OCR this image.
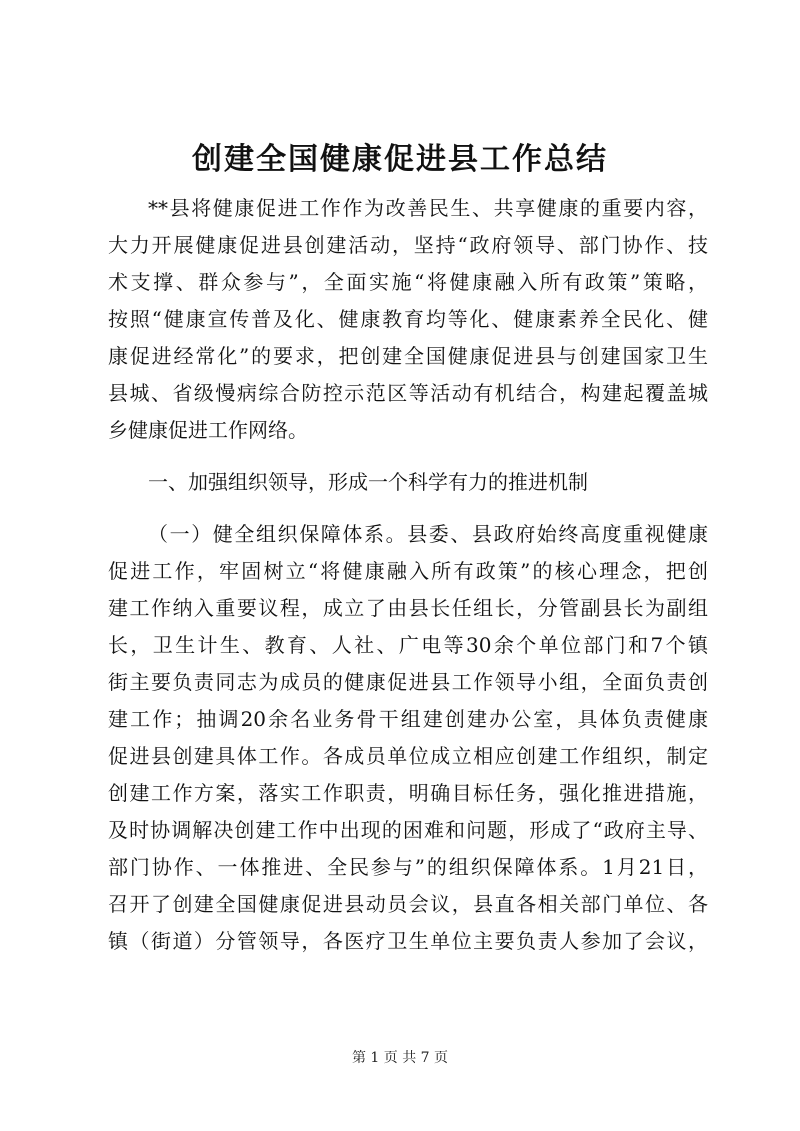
创建全国健康促进县工作总结
**县将健康促进工作作为改善民生、共享健康的重要内容，
大力开展健康促进县创建活动，坚持“政府领导、部门协作、技
术支撑、群众参与”，全面实施“将健康融入所有政策”策略，
按照“健康宣传普及化、健康教育均等化、健康素养全民化、健
康促进经常化”的要求，把创建全国健康促进县与创建国家卫生
县城、省级慢病综合防控示范区等活动有机结合，构建起覆盖城
乡健康促进工作网络。
一、加强组织领导，形成一个科学有力的推进机制
（一）健全组织保障体系。县委、县政府始终高度重视健康
促进工作，牢固树立“将健康融入所有政策”的核心理念，把创
建工作纳入重要议程，成立了由县长任组长，分管副县长为副组
长，卫生计生、教育、人社、广电等30余个单位部门和7个镇
街主要负责同志为成员的健康促进县工作领导小组，全面负责创
建工作；抽调20余名业务骨干组建创建办公室，具体负责健康
促进县创建具体工作。各成员单位成立相应创建工作组织，制定
创建工作方案，落实工作职责，明确目标任务，强化推进措施，
及时协调解决创建工作中出现的困难和问题，形成了“政府主导、
部门协作、一体推进、全民参与”的组织保障体系。1月21日，
召开了创建全国健康促进县动员会议，县直各相关部门单位、各
镇（街道）分管领导，各医疗卫生单位主要负责人参加了会议，
第 1 页 共 7 页
